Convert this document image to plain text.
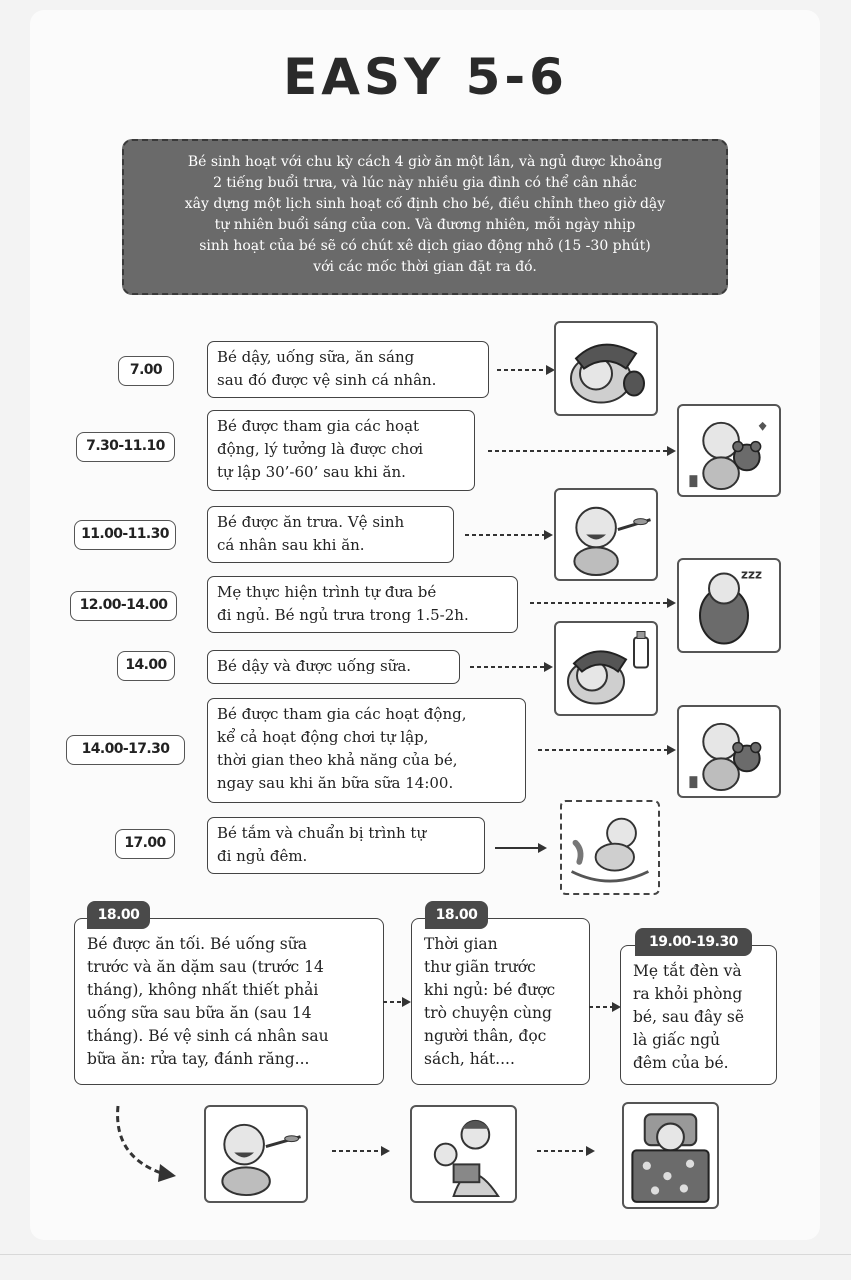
EASY 5-6
Bé sinh hoạt với chu kỳ cách 4 giờ ăn một lần, và ngủ được khoảng
2 tiếng buổi trưa, và lúc này nhiều gia đình có thể cân nhắc
xây dựng một lịch sinh hoạt cố định cho bé, điều chỉnh theo giờ dậy
tự nhiên buổi sáng của con. Và đương nhiên, mỗi ngày nhịp
sinh hoạt của bé sẽ có chút xê dịch giao động nhỏ (15 -30 phút)
với các mốc thời gian đặt ra đó.
7.00
Bé dậy, uống sữa, ăn sáng
sau đó được vệ sinh cá nhân.
7.30-11.10
Bé được tham gia các hoạt
động, lý tưởng là được chơi
tự lập 30’-60’ sau khi ăn.
11.00-11.30
Bé được ăn trưa. Vệ sinh
cá nhân sau khi ăn.
12.00-14.00
Mẹ thực hiện trình tự đưa bé
đi ngủ. Bé ngủ trưa trong 1.5-2h.
zzz
14.00	Bé dậy và được uống sữa.
14.00-17.30
Bé được tham gia các hoạt động,
kể cả hoạt động chơi tự lập,
thời gian theo khả năng của bé,
ngay sau khi ăn bữa sữa 14:00.
17.00
Bé tắm và chuẩn bị trình tự
đi ngủ đêm.
Bé được ăn tối. Bé uống sữa
trước và ăn dặm sau (trước 14
tháng), không nhất thiết phải
uống sữa sau bữa ăn (sau 14
tháng). Bé vệ sinh cá nhân sau
bữa ăn: rửa tay, đánh răng...
18.00
Thời gian
thư giãn trước
khi ngủ: bé được
trò chuyện cùng
người thân, đọc
sách, hát....
18.00
Mẹ tắt đèn và
ra khỏi phòng
bé, sau đây sẽ
là giấc ngủ
đêm của bé.
19.00-19.30
